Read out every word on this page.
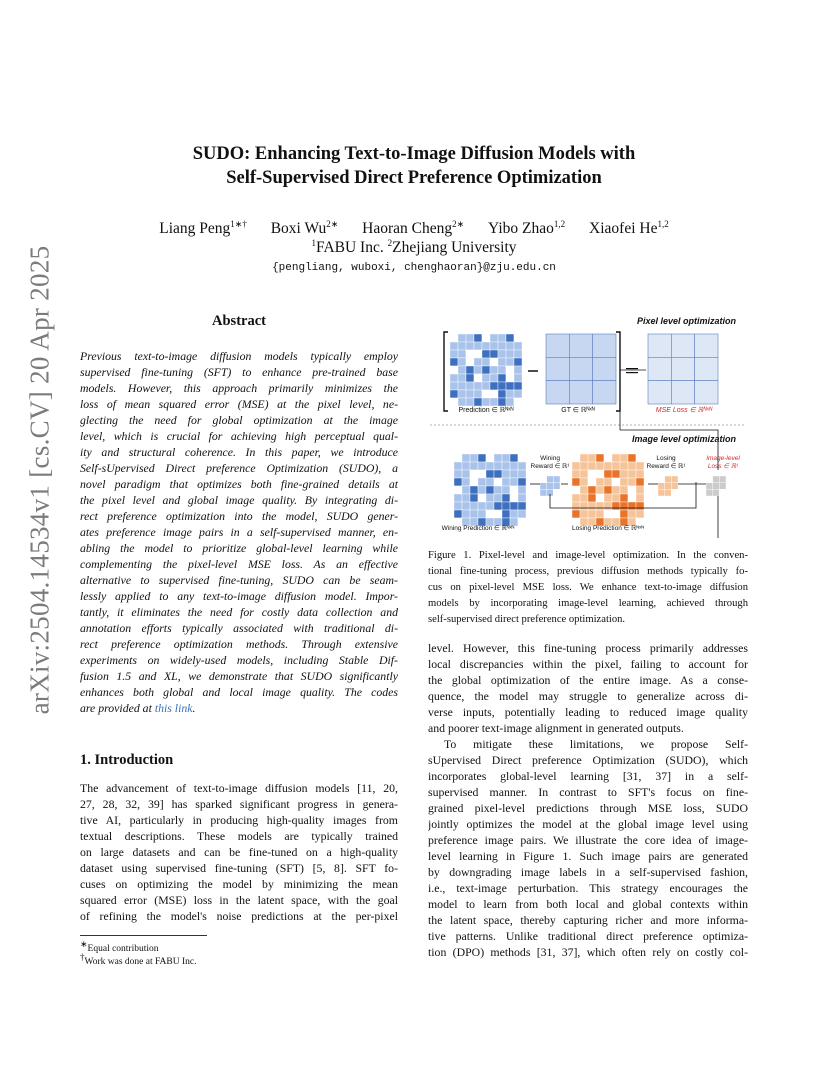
arXiv:2504.14534v1 [cs.CV] 20 Apr 2025
SUDO: Enhancing Text-to-Image Diffusion Models with
Self-Supervised Direct Preference Optimization
Liang Peng$^{1∗\dagger}$ Boxi $Wu^{2∗}$ Haoran Cheng$^{2∗}$ Yibo Zhao$^{1,2}$ Xiaofei He$^{1,2}$
$^1$FABU Inc. $^2$Zhejiang University
{pengliang, wuboxi, chenghaoran}@zju.edu.cn
Abstract
Previous text-to-image diffusion models typically employ
supervised fine-tuning (SFT) to enhance pre-trained base
models. However, this approach primarily minimizes the
loss of mean squared error (MSE) at the pixel level, ne-
glecting the need for global optimization at the image
level, which is crucial for achieving high perceptual qual-
ity and structural coherence. In this paper, we introduce
Self-sUpervised Direct preference Optimization (SUDO), a
novel paradigm that optimizes both fine-grained details at
the pixel level and global image quality. By integrating di-
rect preference optimization into the model, SUDO gener-
ates preference image pairs in a self-supervised manner, en-
abling the model to prioritize global-level learning while
complementing the pixel-level MSE loss. As an effective
alternative to supervised fine-tuning, SUDO can be seam-
lessly applied to any text-to-image diffusion model. Impor-
tantly, it eliminates the need for costly data collection and
annotation efforts typically associated with traditional di-
rect preference optimization methods. Through extensive
experiments on widely-used models, including Stable Dif-
fusion 1.5 and XL, we demonstrate that SUDO significantly
enhances both global and local image quality. The codes
are provided at this link.
1. Introduction
The advancement of text-to-image diffusion models [11, 20,
27, 28, 32, 39] has sparked significant progress in genera-
tive AI, particularly in producing high-quality images from
textual descriptions. These models are typically trained
on large datasets and can be fine-tuned on a high-quality
dataset using supervised fine-tuning (SFT) [5, 8]. SFT fo-
cuses on optimizing the model by minimizing the mean
squared error (MSE) loss in the latent space, with the goal
of refining the model's noise predictions at the per-pixel
∗Equal contribution
†Work was done at FABU Inc.
Pixel level optimization
Prediction ∈ ℝᴺˣᴺ	GT ∈ ℝᴺˣᴺ	MSE Loss ∈ ℝᴺˣᴺ
Image level optimization
Wining Reward ∈ ℝ¹
Losing Reward ∈ ℝ¹
Image-level Loss ∈ ℝ¹
Wining Prediction ∈ ℝᴺˣᴺ	Losing Prediction ∈ ℝᴺˣᴺ
Figure 1. Pixel-level and image-level optimization. In the conven-
tional fine-tuning process, previous diffusion methods typically fo-
cus on pixel-level MSE loss. We enhance text-to-image diffusion
models by incorporating image-level learning, achieved through
self-supervised direct preference optimization.
level. However, this fine-tuning process primarily addresses
local discrepancies within the pixel, failing to account for
the global optimization of the entire image. As a conse-
quence, the model may struggle to generalize across di-
verse inputs, potentially leading to reduced image quality
and poorer text-image alignment in generated outputs.
To mitigate these limitations, we propose Self-
sUpervised Direct preference Optimization (SUDO), which
incorporates global-level learning [31, 37] in a self-
supervised manner. In contrast to SFT's focus on fine-
grained pixel-level predictions through MSE loss, SUDO
jointly optimizes the model at the global image level using
preference image pairs. We illustrate the core idea of image-
level learning in Figure 1. Such image pairs are generated
by downgrading image labels in a self-supervised fashion,
i.e., text-image perturbation. This strategy encourages the
model to learn from both local and global contexts within
the latent space, thereby capturing richer and more informa-
tive patterns. Unlike traditional direct preference optimiza-
tion (DPO) methods [31, 37], which often rely on costly col-
